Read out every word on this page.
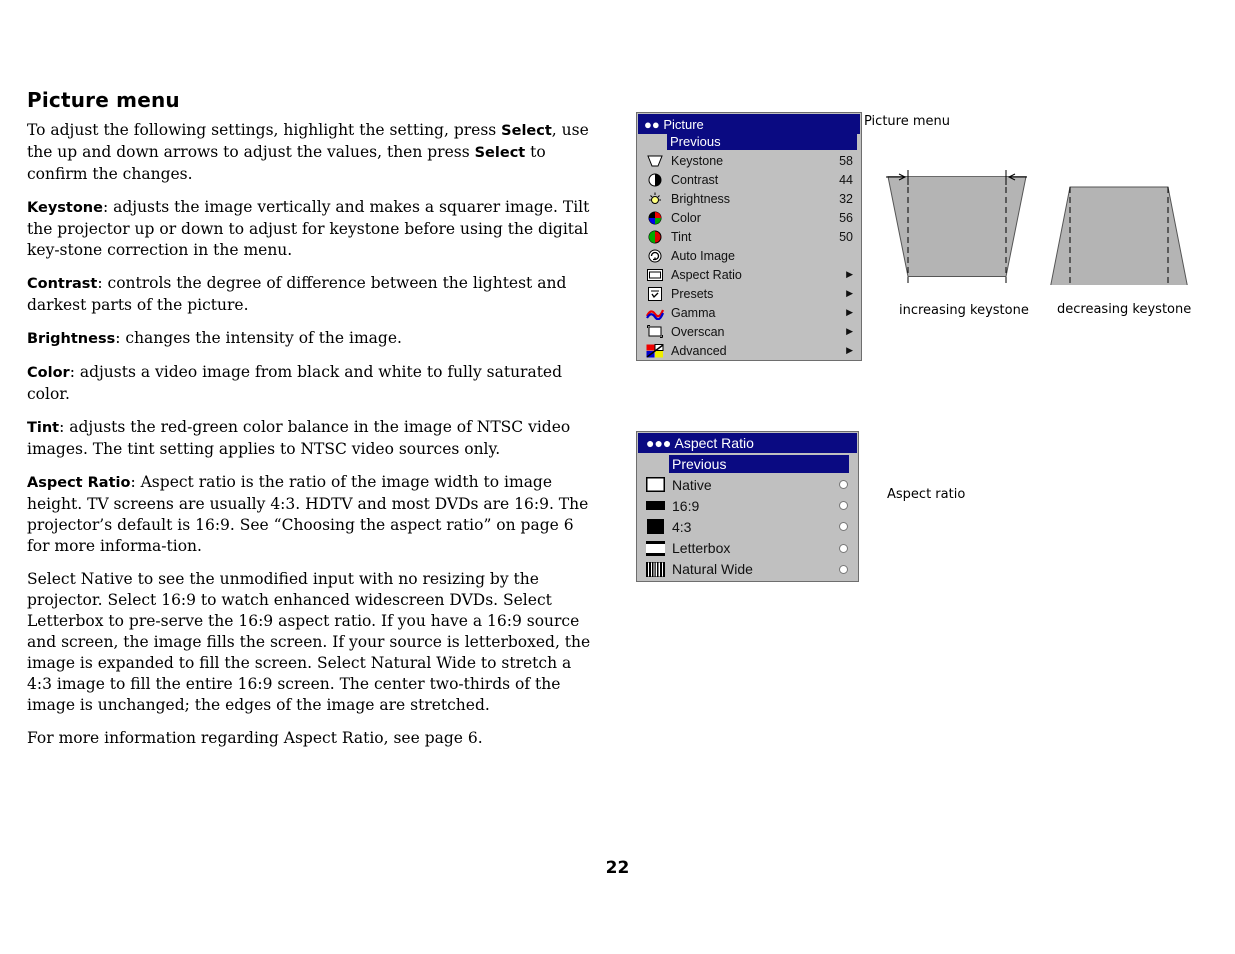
Picture menu

To adjust the following settings, highlight the setting, press Select, use the up and down arrows to adjust the values, then press Select to confirm the changes.

Keystone: adjusts the image vertically and makes a squarer image. Tilt the projector up or down to adjust for keystone before using the digital key-stone correction in the menu.

Contrast: controls the degree of difference between the lightest and darkest parts of the picture.

Brightness: changes the intensity of the image.

Color: adjusts a video image from black and white to fully saturated color.

Tint: adjusts the red-green color balance in the image of NTSC video images. The tint setting applies to NTSC video sources only.

Aspect Ratio: Aspect ratio is the ratio of the image width to image height. TV screens are usually 4:3. HDTV and most DVDs are 16:9. The projector’s default is 16:9. See “Choosing the aspect ratio” on page 6 for more informa-tion.

Select Native to see the unmodified input with no resizing by the projector. Select 16:9 to watch enhanced widescreen DVDs. Select Letterbox to pre-serve the 16:9 aspect ratio. If you have a 16:9 source and screen, the image fills the screen. If your source is letterboxed, the image is expanded to fill the screen. Select Natural Wide to stretch a 4:3 image to fill the entire 16:9 screen. The center two-thirds of the image is unchanged; the edges of the image are stretched.

For more information regarding Aspect Ratio, see page 6.

●● Picture
Previous
Keystone	58
Contrast	44
Brightness	32
Color	56
Tint	50
Auto Image
Aspect Ratio	▶
Presets	▶
Gamma	▶
Overscan	▶
Advanced	▶
Picture menu
increasing keystone decreasing keystone
●●● Aspect Ratio
Previous
Native
16:9
4:3
Letterbox
Natural Wide
Aspect ratio
22
